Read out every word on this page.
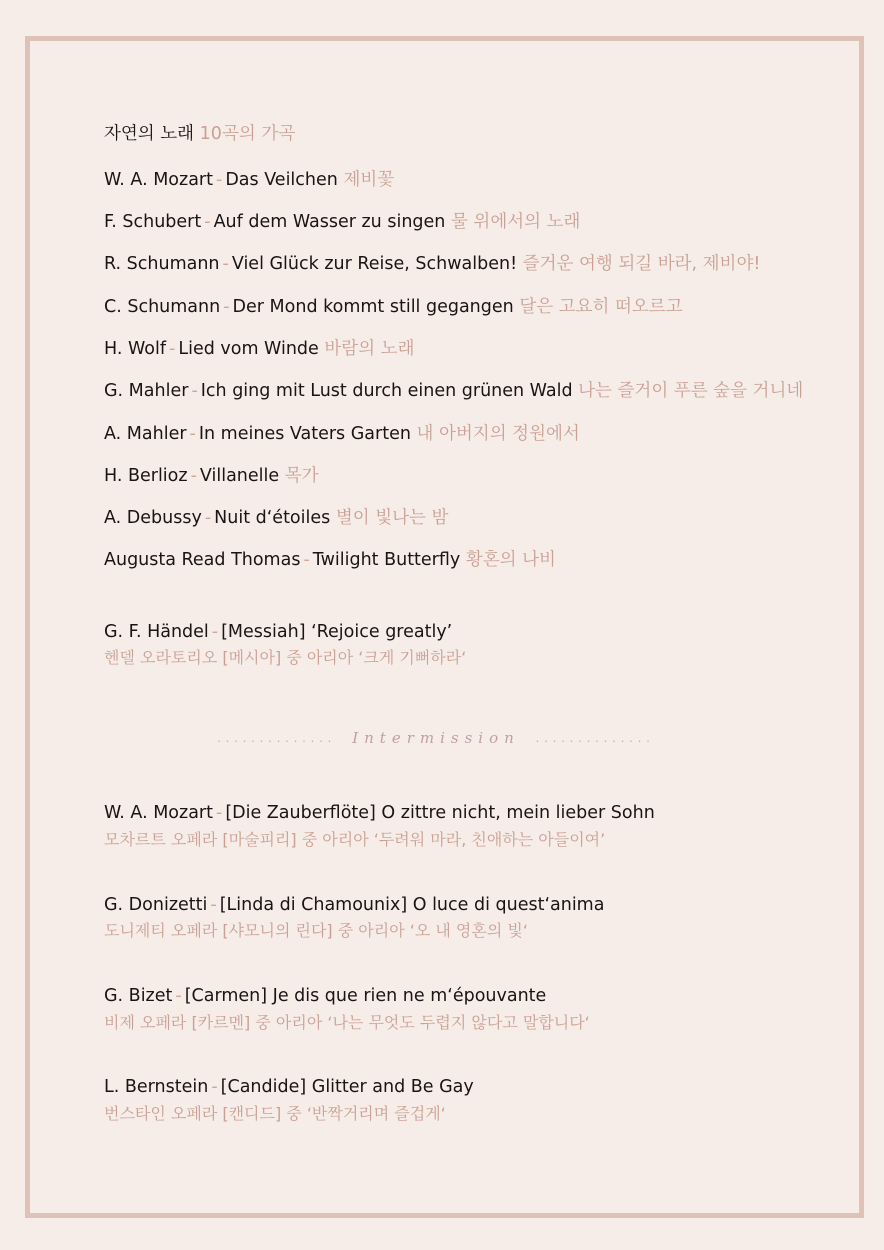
자연의 노래 10곡의 가곡
W. A. Mozart - Das Veilchen 제비꽃
F. Schubert - Auf dem Wasser zu singen 물 위에서의 노래
R. Schumann - Viel Glück zur Reise, Schwalben! 즐거운 여행 되길 바라, 제비야!
C. Schumann - Der Mond kommt still gegangen 달은 고요히 떠오르고
H. Wolf - Lied vom Winde 바람의 노래
G. Mahler - Ich ging mit Lust durch einen grünen Wald 나는 즐거이 푸른 숲을 거니네
A. Mahler - In meines Vaters Garten 내 아버지의 정원에서
H. Berlioz - Villanelle 목가
A. Debussy - Nuit d‘étoiles 별이 빛나는 밤
Augusta Read Thomas - Twilight Butterfly 황혼의 나비
G. F. Händel - [Messiah] ‘Rejoice greatly’
헨델 오라토리오 [메시아] 중 아리아 ‘크게 기뻐하라‘
..............	Intermission	..............
W. A. Mozart - [Die Zauberflöte] O zittre nicht, mein lieber Sohn
모차르트 오페라 [마술피리] 중 아리아 ‘두려워 마라, 친애하는 아들이여’
G. Donizetti - [Linda di Chamounix] O luce di quest‘anima
도니제티 오페라 [샤모니의 린다] 중 아리아 ‘오 내 영혼의 빛‘
G. Bizet - [Carmen] Je dis que rien ne m‘épouvante
비제 오페라 [카르멘] 중 아리아 ‘나는 무엇도 두렵지 않다고 말합니다‘
L. Bernstein - [Candide] Glitter and Be Gay
번스타인 오페라 [캔디드] 중 ‘반짝거리며 즐겁게‘
